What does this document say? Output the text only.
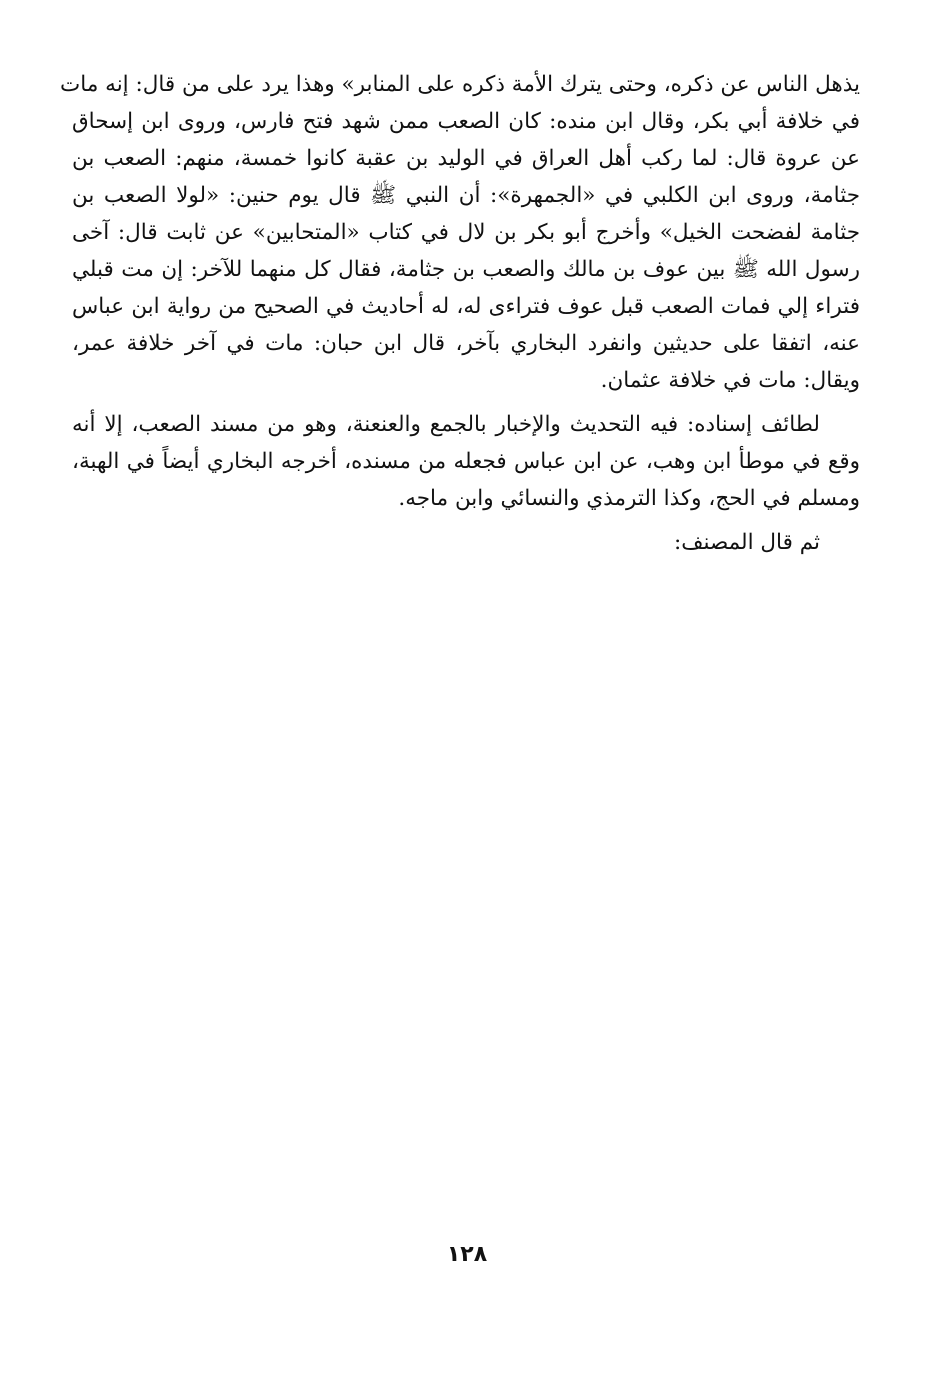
يذهل الناس عن ذكره، وحتى يترك الأمة ذكره على المنابر» وهذا يرد على من قال: إنه مات
في خلافة أبي بكر، وقال ابن منده: كان الصعب ممن شهد فتح فارس، وروى ابن إسحاق
عن عروة قال: لما ركب أهل العراق في الوليد بن عقبة كانوا خمسة، منهم: الصعب بن
جثامة، وروى ابن الكلبي في «الجمهرة»: أن النبي ﷺ قال يوم حنين: «لولا الصعب بن
جثامة لفضحت الخيل» وأخرج أبو بكر بن لال في كتاب «المتحابين» عن ثابت قال: آخى
رسول الله ﷺ بين عوف بن مالك والصعب بن جثامة، فقال كل منهما للآخر: إن مت قبلي
فتراء إلي فمات الصعب قبل عوف فتراءى له، له أحاديث في الصحيح من رواية ابن عباس
عنه، اتفقا على حديثين وانفرد البخاري بآخر، قال ابن حبان: مات في آخر خلافة عمر،
ويقال: مات في خلافة عثمان.
لطائف إسناده: فيه التحديث والإخبار بالجمع والعنعنة، وهو من مسند الصعب، إلا أنه
وقع في موطأ ابن وهب، عن ابن عباس فجعله من مسنده، أخرجه البخاري أيضاً في الهبة،
ومسلم في الحج، وكذا الترمذي والنسائي وابن ماجه.
ثم قال المصنف:
١٢٨
